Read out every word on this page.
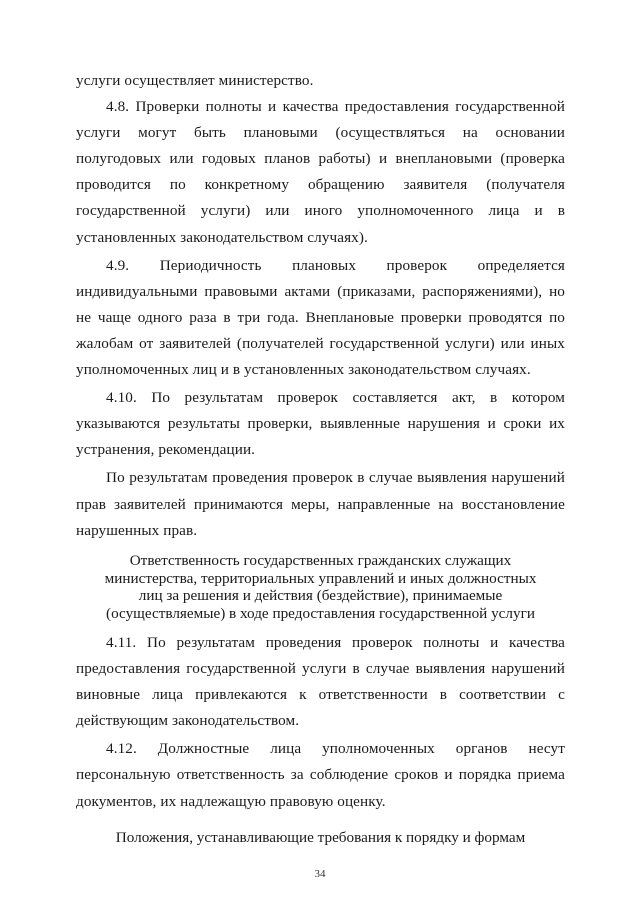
услуги осуществляет министерство.

4.8. Проверки полноты и качества предоставления государственной услуги могут быть плановыми (осуществляться на основании полугодовых или годовых планов работы) и внеплановыми (проверка проводится по конкретному обращению заявителя (получателя государственной услуги) или иного уполномоченного лица и в установленных законодательством случаях).

4.9. Периодичность плановых проверок определяется индивидуальными правовыми актами (приказами, распоряжениями), но не чаще одного раза в три года. Внеплановые проверки проводятся по жалобам от заявителей (получателей государственной услуги) или иных уполномоченных лиц и в установленных законодательством случаях.

4.10. По результатам проверок составляется акт, в котором указываются результаты проверки, выявленные нарушения и сроки их устранения, рекомендации.

По результатам проведения проверок в случае выявления нарушений прав заявителей принимаются меры, направленные на восстановление нарушенных прав.

Ответственность государственных гражданских служащих
министерства, территориальных управлений и иных должностных
лиц за решения и действия (бездействие), принимаемые
(осуществляемые) в ходе предоставления государственной услуги

4.11. По результатам проведения проверок полноты и качества предоставления государственной услуги в случае выявления нарушений виновные лица привлекаются к ответственности в соответствии с действующим законодательством.

4.12. Должностные лица уполномоченных органов несут персональную ответственность за соблюдение сроков и порядка приема документов, их надлежащую правовую оценку.

Положения, устанавливающие требования к порядку и формам
34
